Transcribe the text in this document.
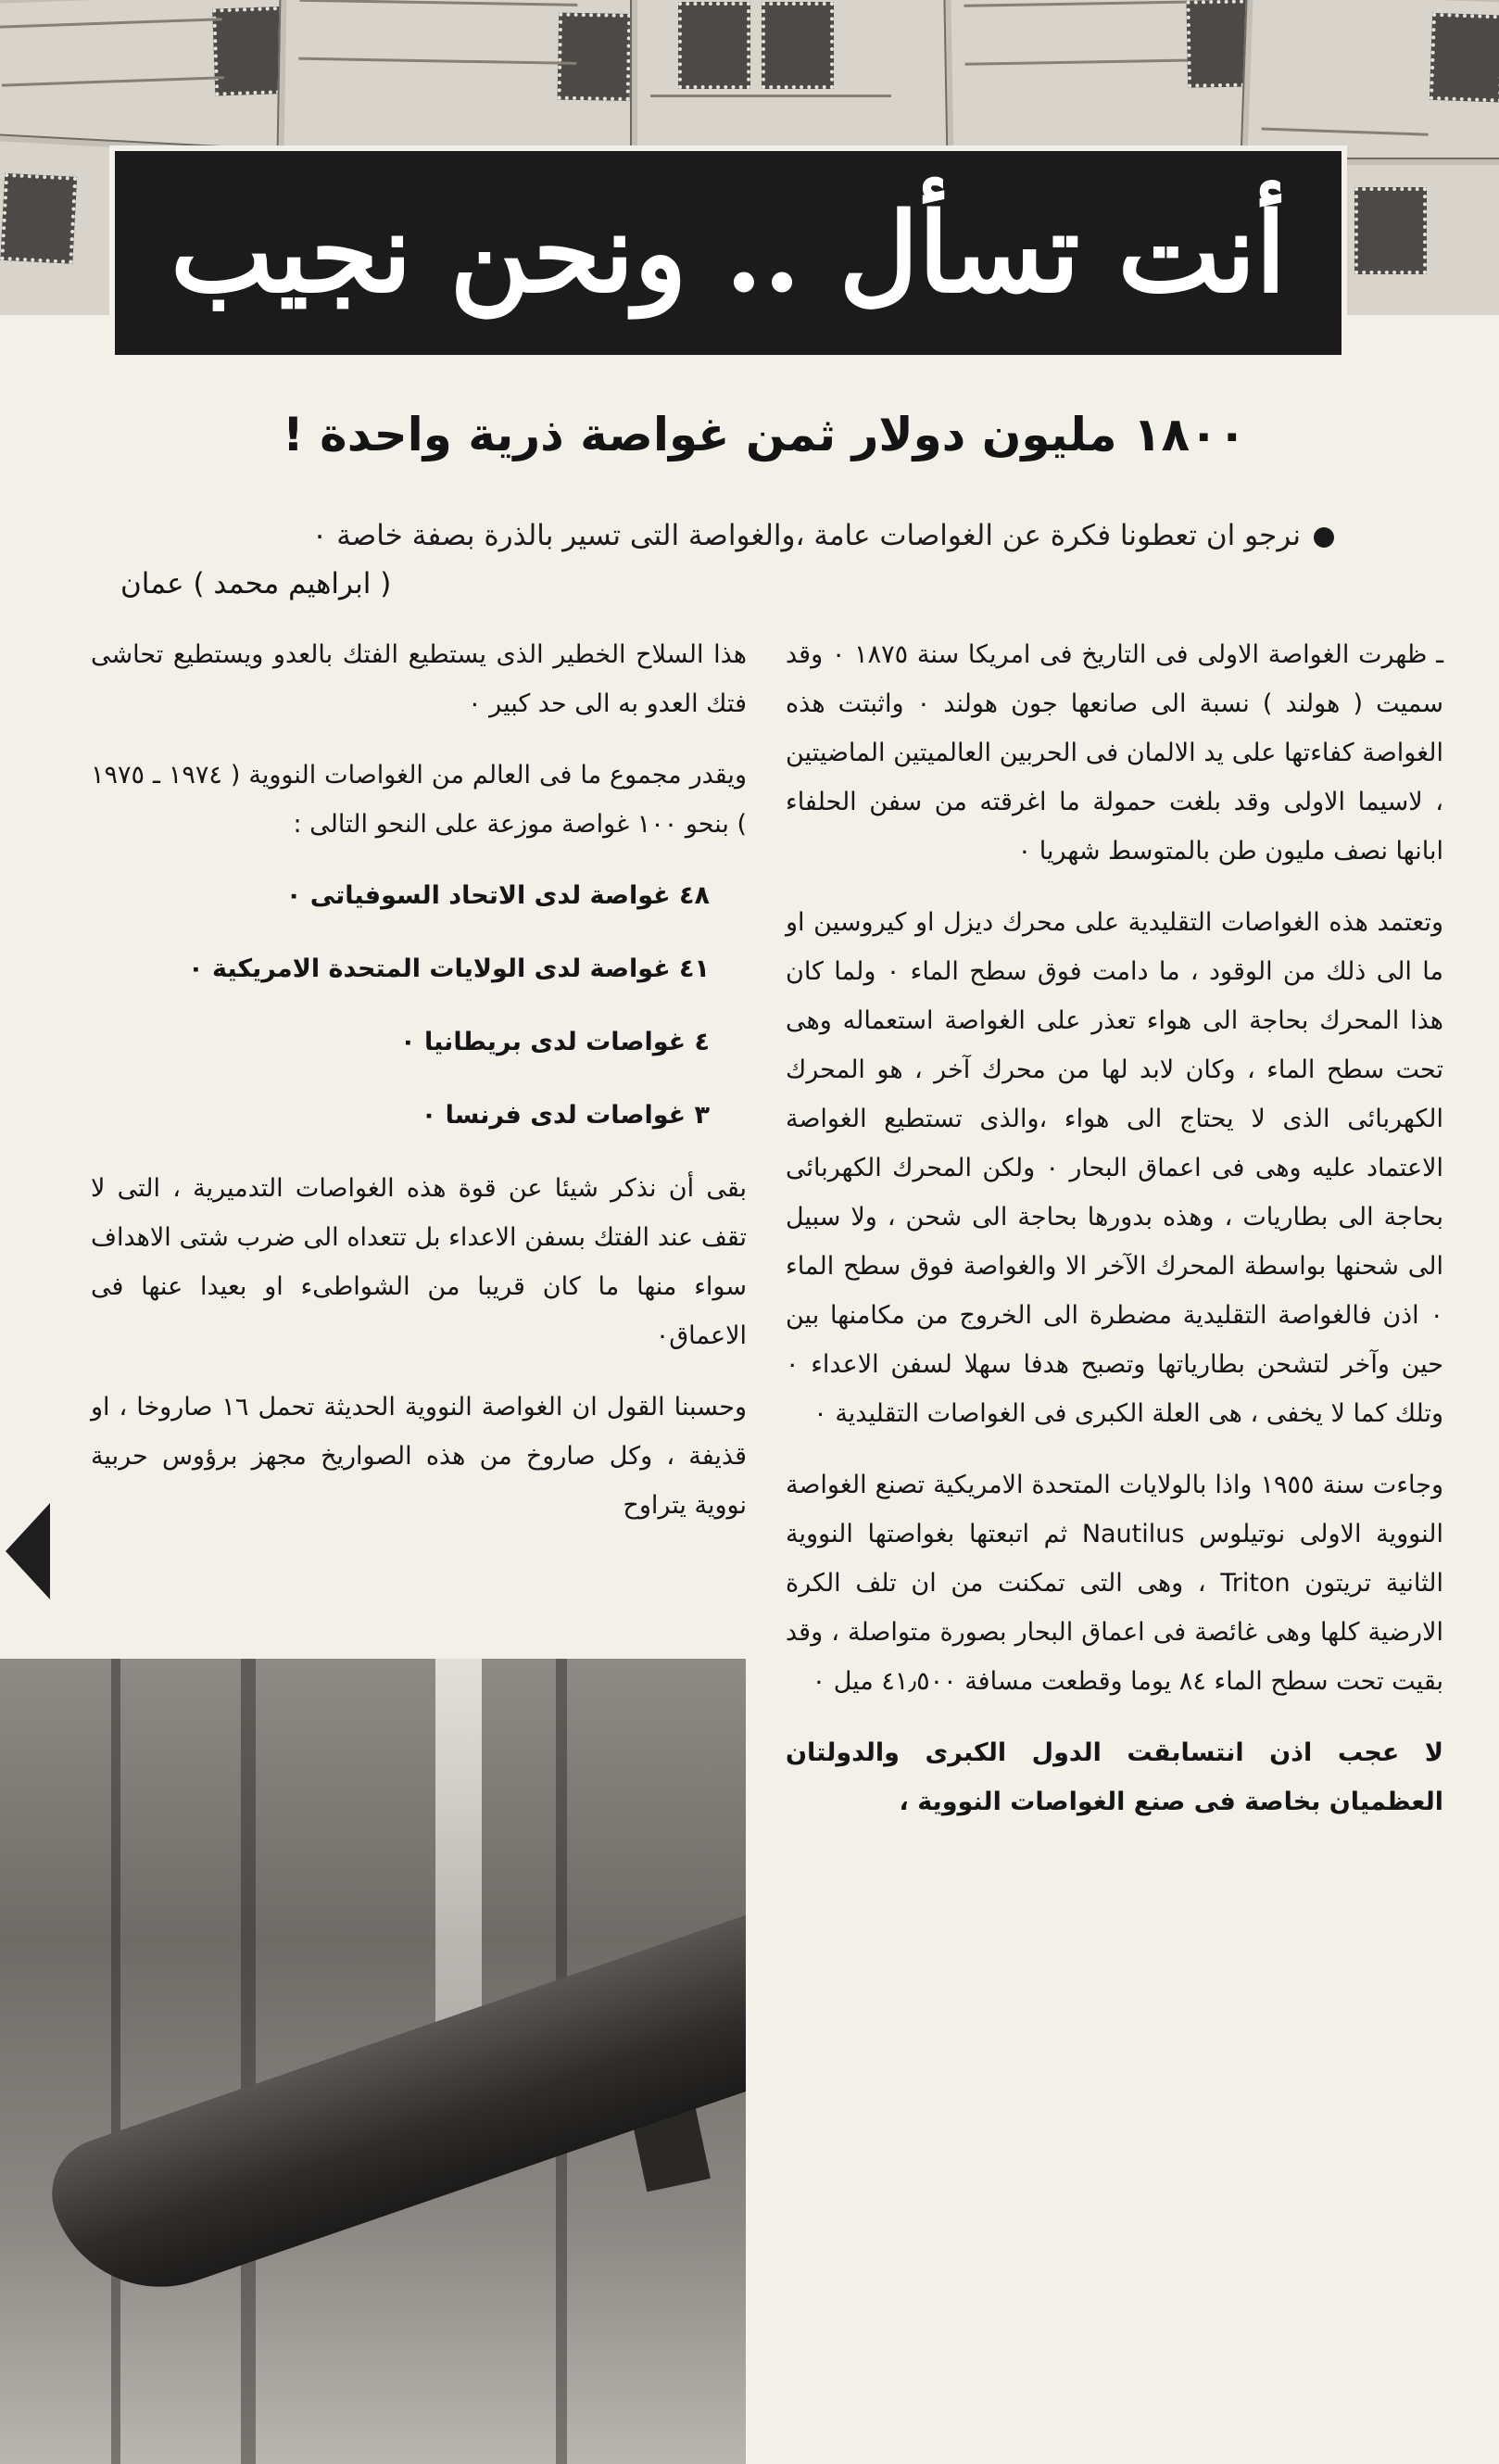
أنت تسأل .. ونحن نجيب
١٨٠٠ مليون دولار ثمن غواصة ذرية واحدة !
نرجو ان تعطونا فكرة عن الغواصات عامة ،والغواصة التى تسير بالذرة بصفة خاصة ٠
( ابراهيم محمد ) عمان

ـ ظهرت الغواصة الاولى فى التاريخ فى امريكا سنة ١٨٧٥ ٠ وقد سميت ( هولند ) نسبة الى صانعها جون هولند ٠ واثبتت هذه الغواصة كفاءتها على يد الالمان فى الحربين العالميتين الماضيتين ، لاسيما الاولى وقد بلغت حمولة ما اغرقته من سفن الحلفاء ابانها نصف مليون طن بالمتوسط شهريا ٠

وتعتمد هذه الغواصات التقليدية على محرك ديزل او كيروسين او ما الى ذلك من الوقود ، ما دامت فوق سطح الماء ٠ ولما كان هذا المحرك بحاجة الى هواء تعذر على الغواصة استعماله وهى تحت سطح الماء ، وكان لابد لها من محرك آخر ، هو المحرك الكهربائى الذى لا يحتاج الى هواء ،والذى تستطيع الغواصة الاعتماد عليه وهى فى اعماق البحار ٠ ولكن المحرك الكهربائى بحاجة الى بطاريات ، وهذه بدورها بحاجة الى شحن ، ولا سبيل الى شحنها بواسطة المحرك الآخر الا والغواصة فوق سطح الماء ٠ اذن فالغواصة التقليدية مضطرة الى الخروج من مكامنها بين حين وآخر لتشحن بطارياتها وتصبح هدفا سهلا لسفن الاعداء ٠ وتلك كما لا يخفى ، هى العلة الكبرى فى الغواصات التقليدية ٠

وجاءت سنة ١٩٥٥ واذا بالولايات المتحدة الامريكية تصنع الغواصة النووية الاولى نوتيلوس Nautilus ثم اتبعتها بغواصتها النووية الثانية تريتون Triton ، وهى التى تمكنت من ان تلف الكرة الارضية كلها وهى غائصة فى اعماق البحار بصورة متواصلة ، وقد بقيت تحت سطح الماء ٨٤ يوما وقطعت مسافة ٤١٫٥٠٠ ميل ٠

لا عجب اذن انتسابقت الدول الكبرى والدولتان العظميان بخاصة فى صنع الغواصات النووية ،

هذا السلاح الخطير الذى يستطيع الفتك بالعدو ويستطيع تحاشى فتك العدو به الى حد كبير ٠

ويقدر مجموع ما فى العالم من الغواصات النووية ( ١٩٧٤ ـ ١٩٧٥ ) بنحو ١٠٠ غواصة موزعة على النحو التالى :

٤٨ غواصة لدى الاتحاد السوفياتى ٠

٤١ غواصة لدى الولايات المتحدة الامريكية ٠

٤ غواصات لدى بريطانيا ٠

٣ غواصات لدى فرنسا ٠

بقى أن نذكر شيئا عن قوة هذه الغواصات التدميرية ، التى لا تقف عند الفتك بسفن الاعداء بل تتعداه الى ضرب شتى الاهداف سواء منها ما كان قريبا من الشواطىء او بعيدا عنها فى الاعماق٠

وحسبنا القول ان الغواصة النووية الحديثة تحمل ١٦ صاروخا ، او قذيفة ، وكل صاروخ من هذه الصواريخ مجهز برؤوس حربية نووية يتراوح
